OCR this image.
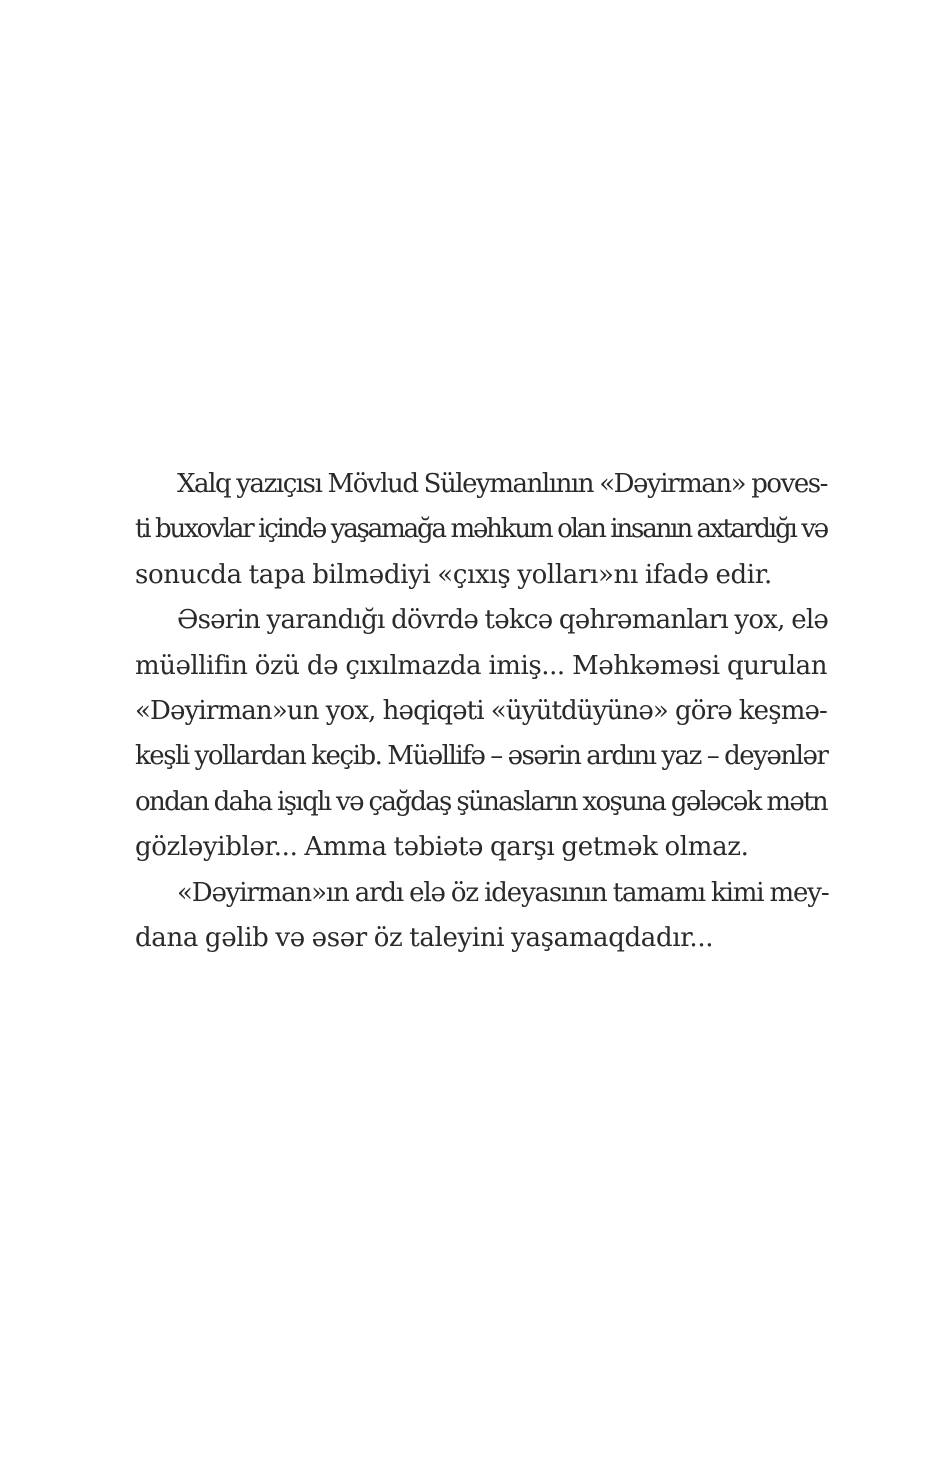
Xalq yazıçısı Mövlud Süleymanlının «Dəyirman» poves-
ti buxovlar içində yaşamağa məhkum olan insanın axtardığı və
sonucda tapa bilmədiyi «çıxış yolları»nı ifadə edir.
Əsərin yarandığı dövrdə təkcə qəhrəmanları yox, elə
müəllifin özü də çıxılmazda imiş... Məhkəməsi qurulan
«Dəyirman»un yox, həqiqəti «üyütdüyünə» görə keşmə-
keşli yollardan keçib. Müəllifə – əsərin ardını yaz – deyənlər
ondan daha işıqlı və çağdaş şünasların xoşuna gələcək mətn
gözləyiblər... Amma təbiətə qarşı getmək olmaz.
«Dəyirman»ın ardı elə öz ideyasının tamamı kimi mey-
dana gəlib və əsər öz taleyini yaşamaqdadır...
